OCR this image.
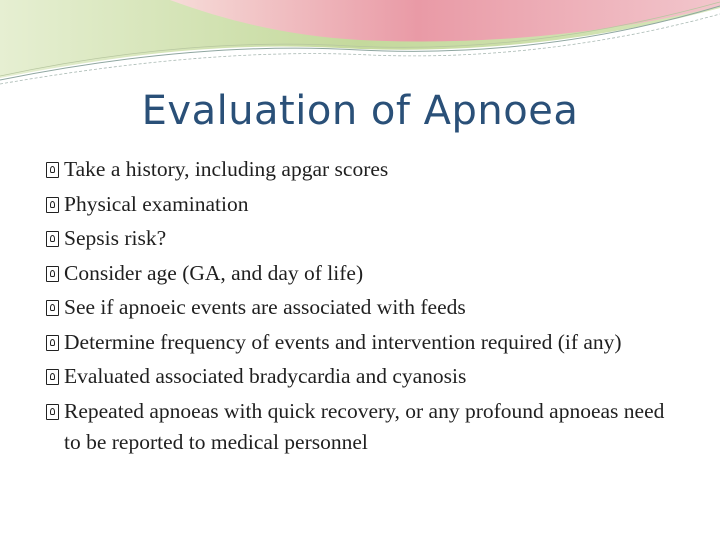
Evaluation of Apnoea
Take a history, including apgar scores
Physical examination
Sepsis risk?
Consider age (GA, and day of life)
See if apnoeic events are associated with feeds
Determine frequency of events and intervention required (if any)
Evaluated associated bradycardia and cyanosis
Repeated apnoeas with quick recovery, or any profound apnoeas need to be reported to medical personnel
